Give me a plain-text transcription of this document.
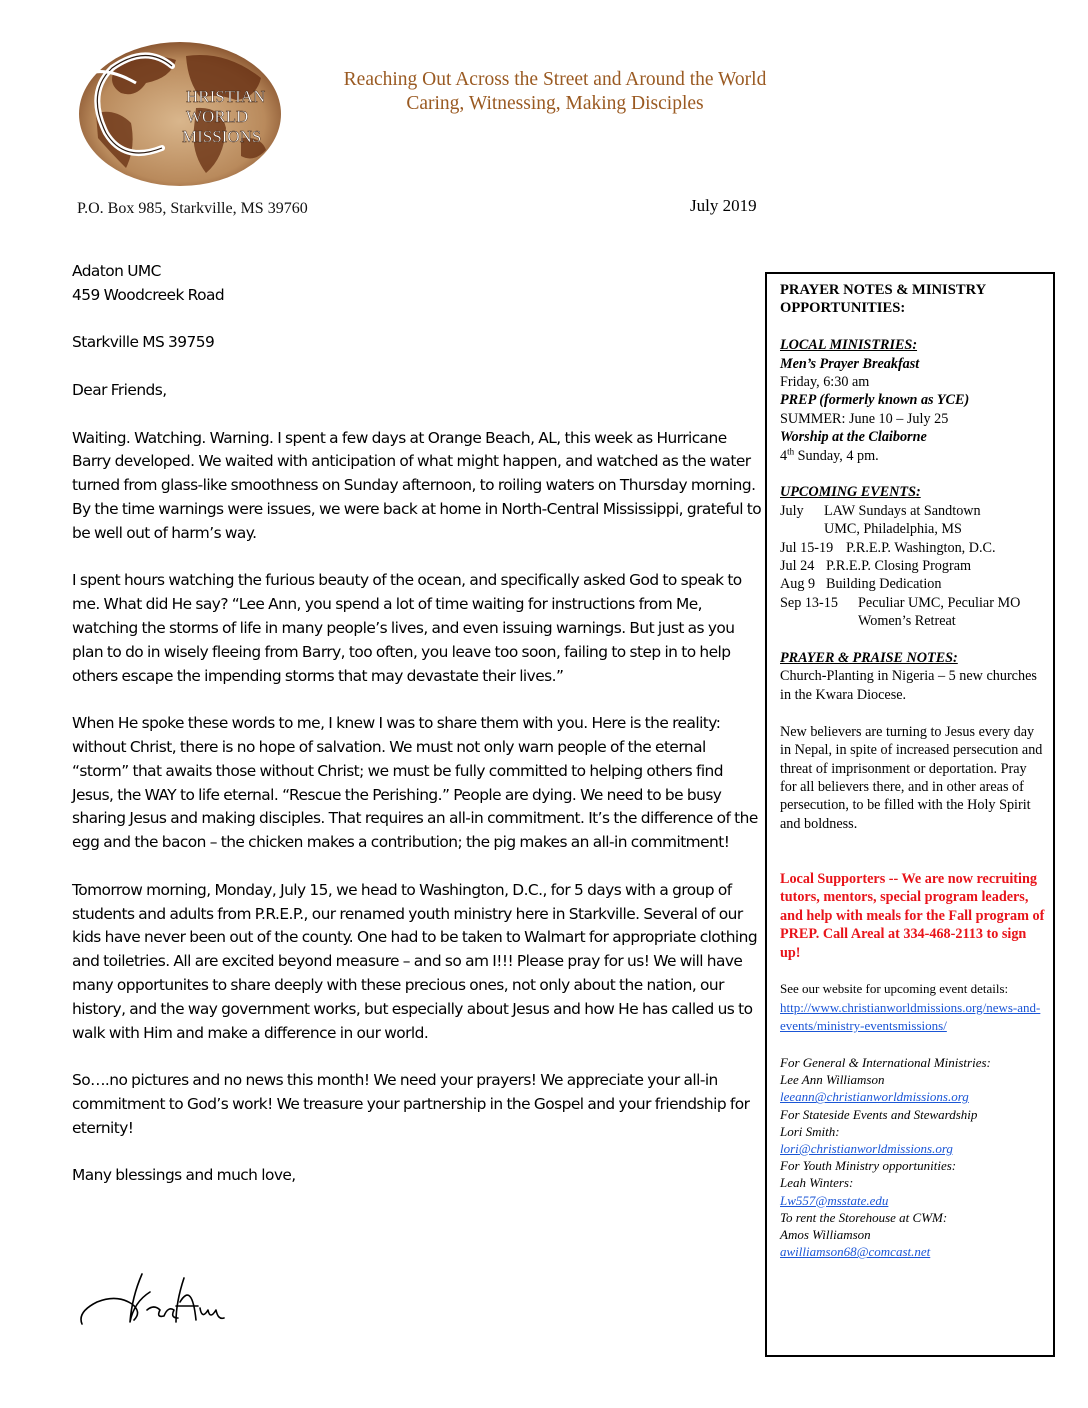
HRISTIAN
WORLD
MISSIONS
Reaching Out Across the Street and Around the World
Caring, Witnessing, Making Disciples
P.O. Box 985, Starkville, MS 39760	July 2019

Adaton UMC

459 Woodcreek Road

Starkville MS 39759

Dear Friends,

Waiting. Watching. Warning. I spent a few days at Orange Beach, AL, this week as Hurricane Barry developed. We waited with anticipation of what might happen, and watched as the water turned from glass-like smoothness on Sunday afternoon, to roiling waters on Thursday morning. By the time warnings were issues, we were back at home in North-Central Mississippi, grateful to be well out of harm’s way.

I spent hours watching the furious beauty of the ocean, and specifically asked God to speak to me. What did He say? “Lee Ann, you spend a lot of time waiting for instructions from Me, watching the storms of life in many people’s lives, and even issuing warnings. But just as you plan to do in wisely fleeing from Barry, too often, you leave too soon, failing to step in to help others escape the impending storms that may devastate their lives.”

When He spoke these words to me, I knew I was to share them with you. Here is the reality: without Christ, there is no hope of salvation. We must not only warn people of the eternal “storm” that awaits those without Christ; we must be fully committed to helping others find Jesus, the WAY to life eternal. “Rescue the Perishing.” People are dying. We need to be busy sharing Jesus and making disciples. That requires an all-in commitment. It’s the difference of the egg and the bacon – the chicken makes a contribution; the pig makes an all-in commitment!

Tomorrow morning, Monday, July 15, we head to Washington, D.C., for 5 days with a group of students and adults from P.R.E.P., our renamed youth ministry here in Starkville. Several of our kids have never been out of the county. One had to be taken to Walmart for appropriate clothing and toiletries. All are excited beyond measure – and so am I!!! Please pray for us! We will have many opportunites to share deeply with these precious ones, not only about the nation, our history, and the way government works, but especially about Jesus and how He has called us to walk with Him and make a difference in our world.

So….no pictures and no news this month! We need your prayers! We appreciate your all-in commitment to God’s work! We treasure your partnership in the Gospel and your friendship for eternity!

Many blessings and much love,

PRAYER NOTES & MINISTRY OPPORTUNITIES:

LOCAL MINISTRIES:

Men’s Prayer Breakfast

Friday, 6:30 am

PREP (formerly known as YCE)

SUMMER: June 10 – July 25

Worship at the Claiborne

4th Sunday, 4 pm.

UPCOMING EVENTS:

July	LAW Sundays at Sandtown
UMC, Philadelphia, MS
Jul 15-19 P.R.E.P. Washington, D.C.
Jul 24 P.R.E.P. Closing Program
Aug 9 Building Dedication
Sep 13-15	Peculiar UMC, Peculiar MO
Women’s Retreat

PRAYER & PRAISE NOTES:

Church-Planting in Nigeria – 5 new churches in the Kwara Diocese.

New believers are turning to Jesus every day in Nepal, in spite of increased persecution and threat of imprisonment or deportation. Pray for all believers there, and in other areas of persecution, to be filled with the Holy Spirit and boldness.

Local Supporters -- We are now recruiting tutors, mentors, special program leaders, and help with meals for the Fall program of PREP. Call Areal at 334-468-2113 to sign up!

See our website for upcoming event details:

http://www.christianworldmissions.org/news-and-events/ministry-eventsmissions/

For General & International Ministries:

Lee Ann Williamson

leeann@christianworldmissions.org

For Stateside Events and Stewardship

Lori Smith:

lori@christianworldmissions.org

For Youth Ministry opportunities:

Leah Winters:

Lw557@msstate.edu

To rent the Storehouse at CWM:

Amos Williamson

awilliamson68@comcast.net
